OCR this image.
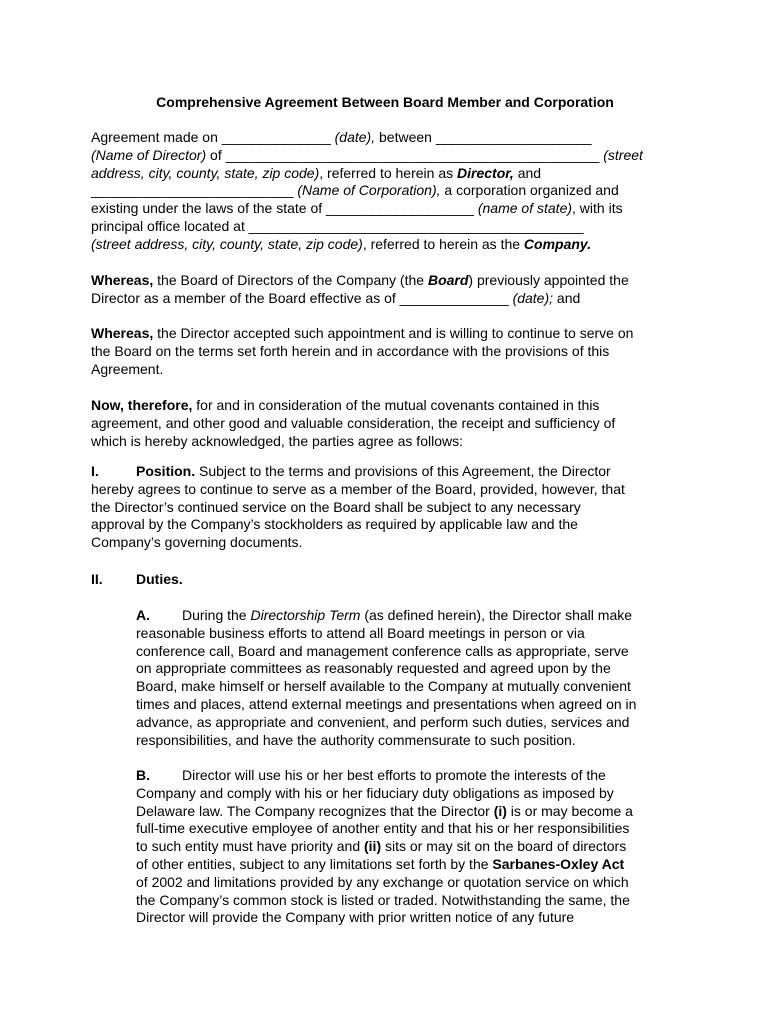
Comprehensive Agreement Between Board Member and Corporation
Agreement made on ______________ (date), between ____________________
(Name of Director) of ________________________________________________ (street
address, city, county, state, zip code), referred to herein as Director, and
__________________________ (Name of Corporation), a corporation organized and
existing under the laws of the state of ___________________ (name of state), with its
principal office located at ___________________________________________
(street address, city, county, state, zip code), referred to herein as the Company.
Whereas, the Board of Directors of the Company (the Board) previously appointed the
Director as a member of the Board effective as of ______________ (date); and
Whereas, the Director accepted such appointment and is willing to continue to serve on
the Board on the terms set forth herein and in accordance with the provisions of this
Agreement.
Now, therefore, for and in consideration of the mutual covenants contained in this
agreement, and other good and valuable consideration, the receipt and sufficiency of
which is hereby acknowledged, the parties agree as follows:
I.	Position. Subject to the terms and provisions of this Agreement, the Director
hereby agrees to continue to serve as a member of the Board, provided, however, that
the Director’s continued service on the Board shall be subject to any necessary
approval by the Company’s stockholders as required by applicable law and the
Company’s governing documents.
II. Duties.
A. During the Directorship Term (as defined herein), the Director shall make
reasonable business efforts to attend all Board meetings in person or via
conference call, Board and management conference calls as appropriate, serve
on appropriate committees as reasonably requested and agreed upon by the
Board, make himself or herself available to the Company at mutually convenient
times and places, attend external meetings and presentations when agreed on in
advance, as appropriate and convenient, and perform such duties, services and
responsibilities, and have the authority commensurate to such position.
B. Director will use his or her best efforts to promote the interests of the
Company and comply with his or her fiduciary duty obligations as imposed by
Delaware law. The Company recognizes that the Director (i) is or may become a
full-time executive employee of another entity and that his or her responsibilities
to such entity must have priority and (ii) sits or may sit on the board of directors
of other entities, subject to any limitations set forth by the Sarbanes-Oxley Act
of 2002 and limitations provided by any exchange or quotation service on which
the Company’s common stock is listed or traded. Notwithstanding the same, the
Director will provide the Company with prior written notice of any future
